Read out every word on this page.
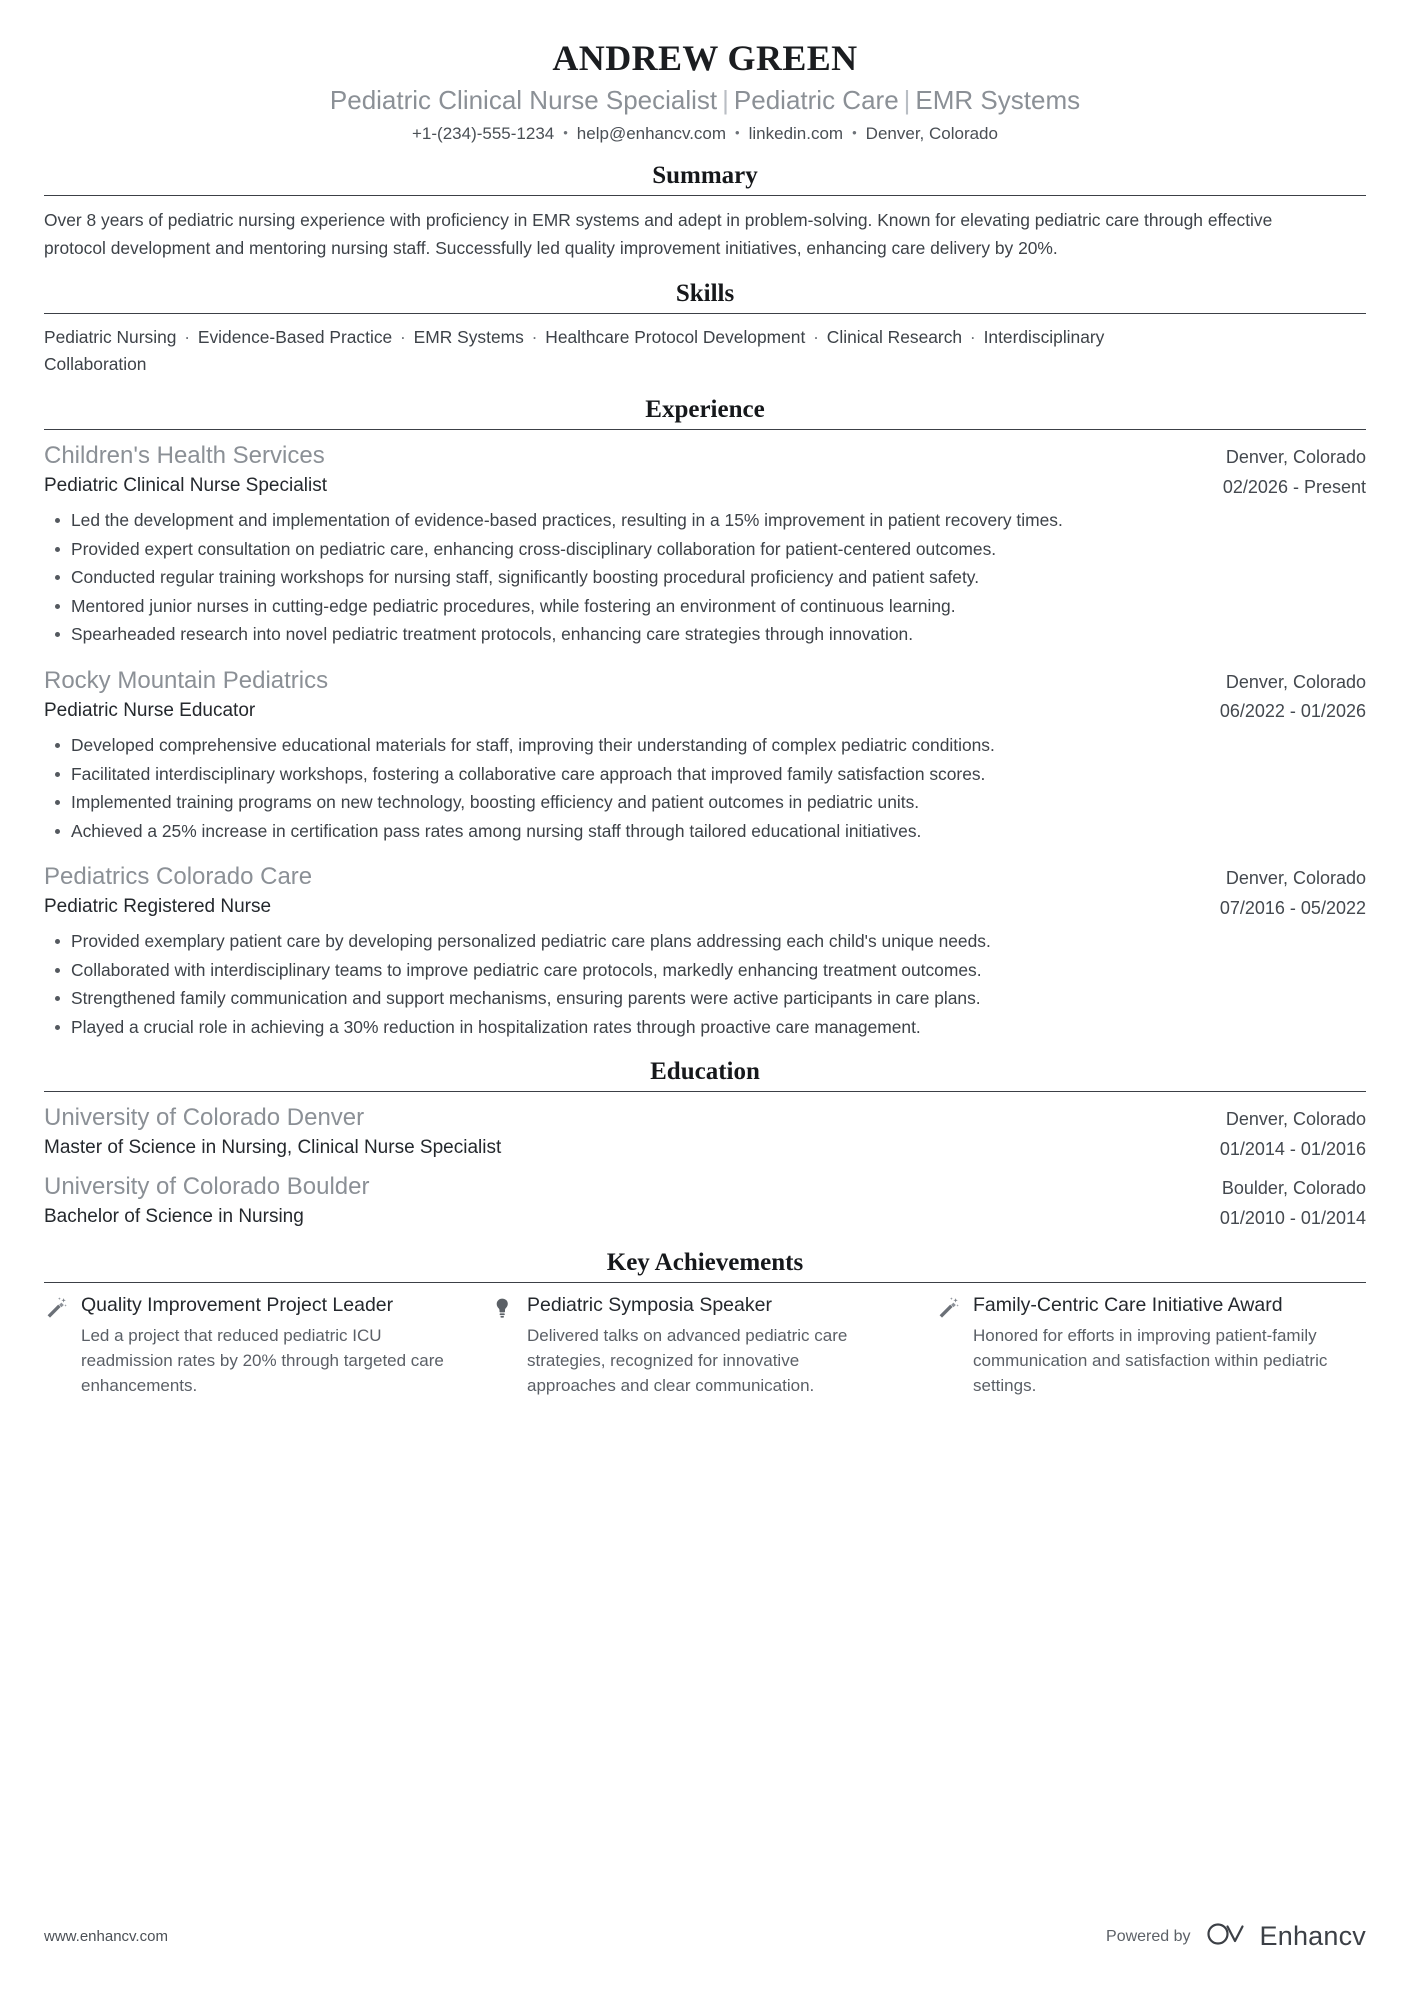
ANDREW GREEN
Pediatric Clinical Nurse Specialist | Pediatric Care | EMR Systems
+1-(234)-555-1234 • help@enhancv.com • linkedin.com • Denver, Colorado
Summary
Over 8 years of pediatric nursing experience with proficiency in EMR systems and adept in problem-solving. Known for elevating pediatric care through effective protocol development and mentoring nursing staff. Successfully led quality improvement initiatives, enhancing care delivery by 20%.
Skills
Pediatric Nursing · Evidence-Based Practice · EMR Systems · Healthcare Protocol Development · Clinical Research · Interdisciplinary Collaboration
Experience
Children's Health Services
Pediatric Clinical Nurse Specialist
Denver, Colorado
02/2026 - Present
Led the development and implementation of evidence-based practices, resulting in a 15% improvement in patient recovery times.
Provided expert consultation on pediatric care, enhancing cross-disciplinary collaboration for patient-centered outcomes.
Conducted regular training workshops for nursing staff, significantly boosting procedural proficiency and patient safety.
Mentored junior nurses in cutting-edge pediatric procedures, while fostering an environment of continuous learning.
Spearheaded research into novel pediatric treatment protocols, enhancing care strategies through innovation.
Rocky Mountain Pediatrics
Pediatric Nurse Educator
Denver, Colorado
06/2022 - 01/2026
Developed comprehensive educational materials for staff, improving their understanding of complex pediatric conditions.
Facilitated interdisciplinary workshops, fostering a collaborative care approach that improved family satisfaction scores.
Implemented training programs on new technology, boosting efficiency and patient outcomes in pediatric units.
Achieved a 25% increase in certification pass rates among nursing staff through tailored educational initiatives.
Pediatrics Colorado Care
Pediatric Registered Nurse
Denver, Colorado
07/2016 - 05/2022
Provided exemplary patient care by developing personalized pediatric care plans addressing each child's unique needs.
Collaborated with interdisciplinary teams to improve pediatric care protocols, markedly enhancing treatment outcomes.
Strengthened family communication and support mechanisms, ensuring parents were active participants in care plans.
Played a crucial role in achieving a 30% reduction in hospitalization rates through proactive care management.
Education
University of Colorado Denver
Master of Science in Nursing, Clinical Nurse Specialist
Denver, Colorado
01/2014 - 01/2016
University of Colorado Boulder
Bachelor of Science in Nursing
Boulder, Colorado
01/2010 - 01/2014
Key Achievements
Quality Improvement Project Leader
Led a project that reduced pediatric ICU readmission rates by 20% through targeted care enhancements.
Pediatric Symposia Speaker
Delivered talks on advanced pediatric care strategies, recognized for innovative approaches and clear communication.
Family-Centric Care Initiative Award
Honored for efforts in improving patient-family communication and satisfaction within pediatric settings.
www.enhancv.com	Powered by	Enhancv
